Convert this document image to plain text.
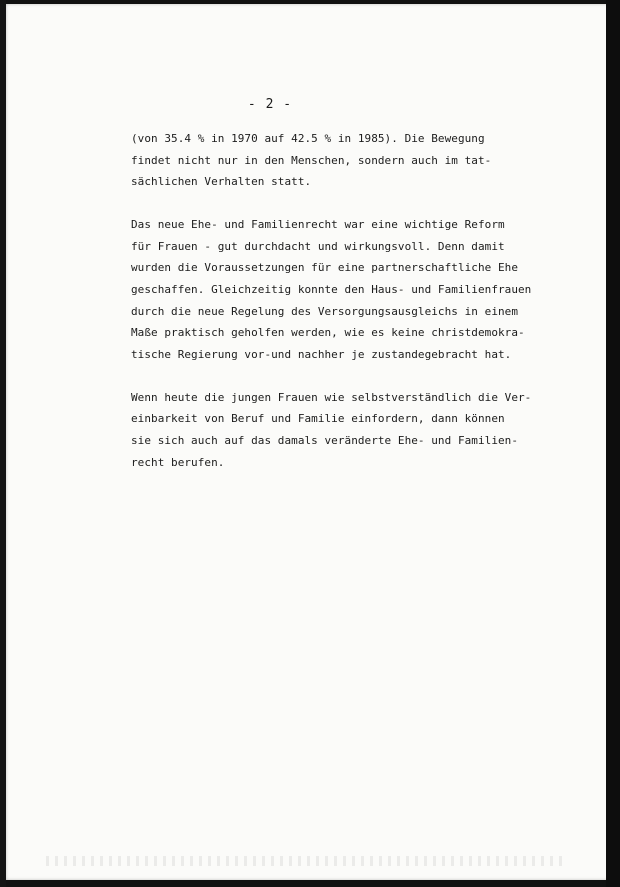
- 2 -
(von 35.4 % in 1970 auf 42.5 % in 1985). Die Bewegung
findet nicht nur in den Menschen, sondern auch im tat-
sächlichen Verhalten statt.
Das neue Ehe- und Familienrecht war eine wichtige Reform
für Frauen - gut durchdacht und wirkungsvoll. Denn damit
wurden die Voraussetzungen für eine partnerschaftliche Ehe
geschaffen. Gleichzeitig konnte den Haus- und Familienfrauen
durch die neue Regelung des Versorgungsausgleichs in einem
Maße praktisch geholfen werden, wie es keine christdemokra-
tische Regierung vor-und nachher je zustandegebracht hat.
Wenn heute die jungen Frauen wie selbstverständlich die Ver-
einbarkeit von Beruf und Familie einfordern, dann können
sie sich auch auf das damals veränderte Ehe- und Familien-
recht berufen.
